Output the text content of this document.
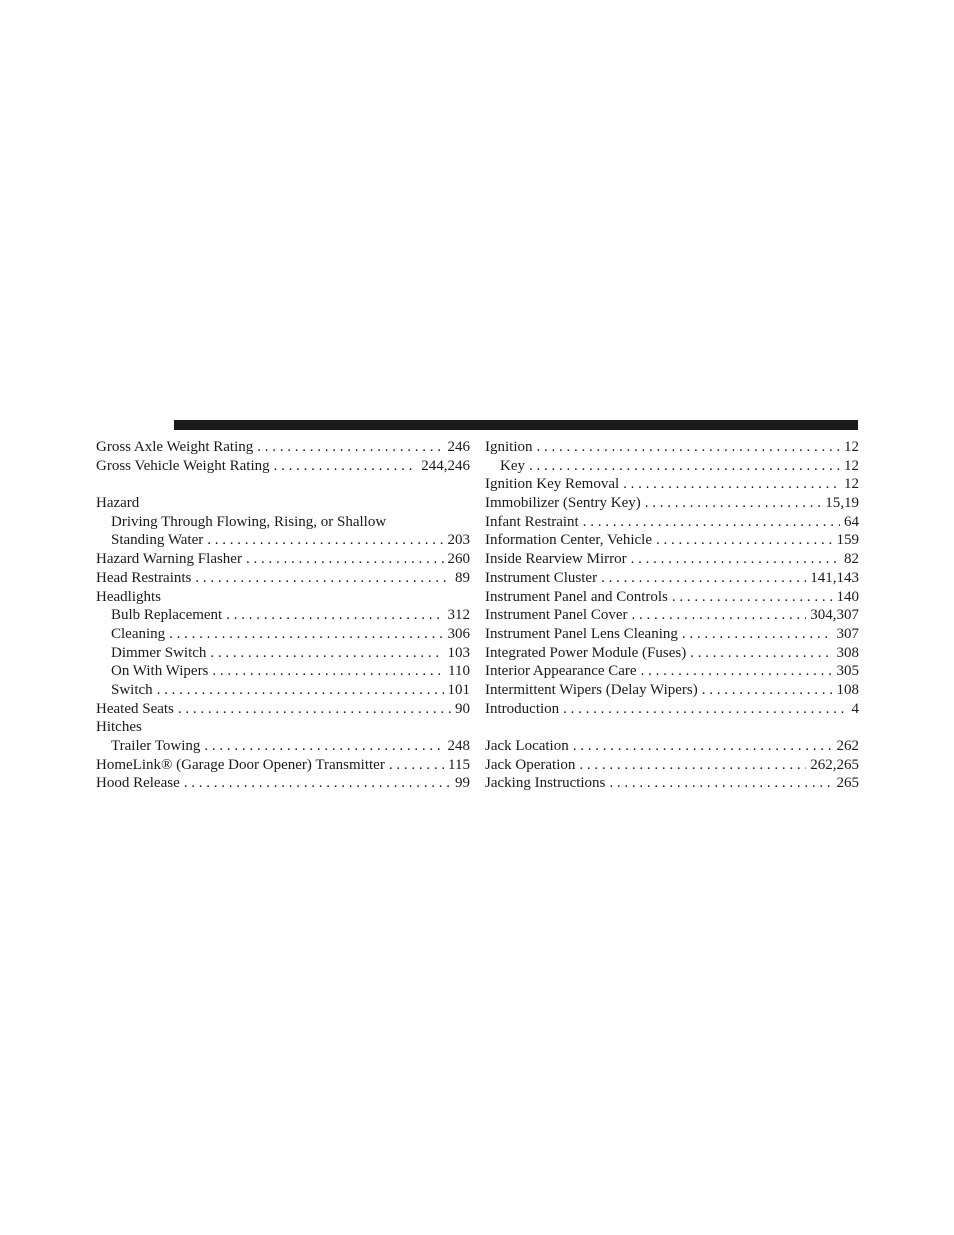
Gross Axle Weight Rating . . .	246
Gross Vehicle Weight Rating . . .	244,246
Hazard
Driving Through Flowing, Rising, or Shallow
Standing Water . . .	203
Hazard Warning Flasher . . .	260
Head Restraints . . .	89
Headlights
Bulb Replacement . . .	312
Cleaning . . .	306
Dimmer Switch . . .	103
On With Wipers . . .	110
Switch . . .	101
Heated Seats . . .	90
Hitches
Trailer Towing . . .	248
HomeLink® (Garage Door Opener) Transmitter . . .	115
Hood Release . . .	99
Ignition . . .	12
Key . . .	12
Ignition Key Removal . . .	12
Immobilizer (Sentry Key) . . .	15,19
Infant Restraint . . .	64
Information Center, Vehicle . . .	159
Inside Rearview Mirror . . .	82
Instrument Cluster . . .	141,143
Instrument Panel and Controls . . .	140
Instrument Panel Cover . . .	304,307
Instrument Panel Lens Cleaning . . .	307
Integrated Power Module (Fuses) . . .	308
Interior Appearance Care . . .	305
Intermittent Wipers (Delay Wipers) . . .	108
Introduction . . .	4
Jack Location . . .	262
Jack Operation . . .	262,265
Jacking Instructions . . .	265
